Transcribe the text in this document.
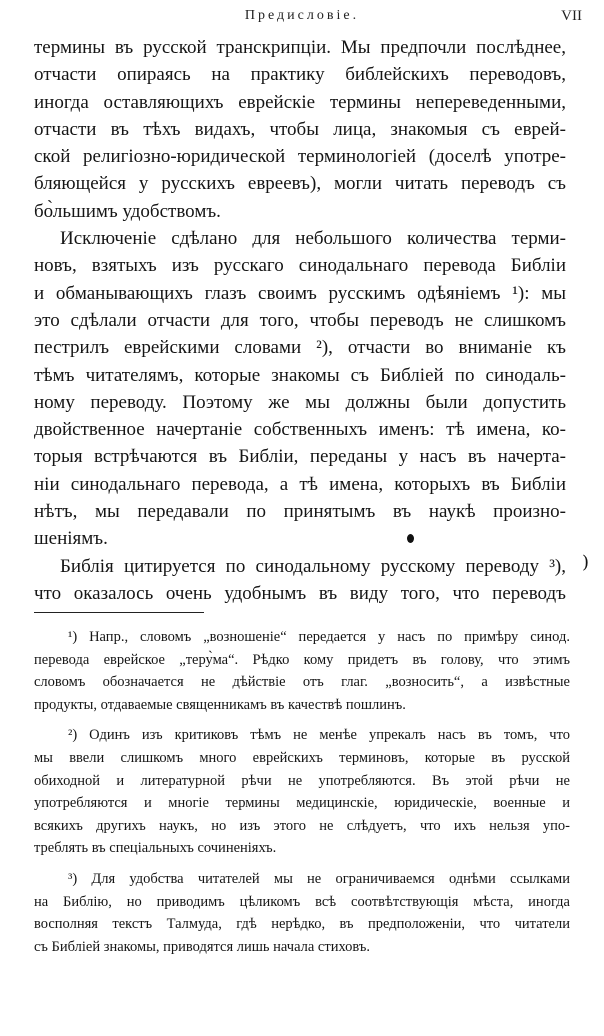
Предисловіе.	VII

термины въ русской транскрипціи. Мы предпочли послѣднее,
отчасти опираясь на практику библейскихъ переводовъ,
иногда оставляющихъ еврейскіе термины непереведенными,
отчасти въ тѣхъ видахъ, чтобы лица, знакомыя съ еврей-
ской религіозно-юридической терминологіей (доселѣ употре-
бляющейся у русскихъ евреевъ), могли читать переводъ съ
бо̀льшимъ удобствомъ.

Исключеніе сдѣлано для небольшого количества терми-
новъ, взятыхъ изъ русскаго синодальнаго перевода Библіи
и обманывающихъ глазъ своимъ русскимъ одѣяніемъ ¹): мы
это сдѣлали отчасти для того, чтобы переводъ не слишкомъ
пестрилъ еврейскими словами ²), отчасти во вниманіе къ
тѣмъ читателямъ, которые знакомы съ Библіей по синодаль-
ному переводу. Поэтому же мы должны были допустить
двойственное начертаніе собственныхъ именъ: тѣ имена, ко-
торыя встрѣчаются въ Библіи, переданы у насъ въ начерта-
ніи синодальнаго перевода, а тѣ имена, которыхъ въ Библіи
нѣтъ, мы передавали по принятымъ въ наукѣ произно-
шеніямъ.

Библія цитируется по синодальному русскому переводу ³),
что оказалось очень удобнымъ въ виду того, что переводъ

)
¹) Напр., словомъ „возношеніе“ передается у насъ по примѣру синод.
перевода еврейское „теру̀ма“. Рѣдко кому придетъ въ голову, что этимъ
словомъ обозначается не дѣйствіе отъ глаг. „возносить“, а извѣстные
продукты, отдаваемые священникамъ въ качествѣ пошлинъ.
²) Одинъ изъ критиковъ тѣмъ не менѣе упрекалъ насъ въ томъ, что
мы ввели слишкомъ много еврейскихъ терминовъ, которые въ русской
обиходной и литературной рѣчи не употребляются. Въ этой рѣчи не
употребляются и многіе термины медицинскіе, юридическіе, военные и
всякихъ другихъ наукъ, но изъ этого не слѣдуетъ, что ихъ нельзя упо-
треблять въ спеціальныхъ сочиненіяхъ.
³) Для удобства читателей мы не ограничиваемся однѣми ссылками
на Библію, но приводимъ цѣликомъ всѣ соотвѣтствующія мѣста, иногда
восполняя текстъ Талмуда, гдѣ нерѣдко, въ предположеніи, что читатели
съ Библіей знакомы, приводятся лишь начала стиховъ.
